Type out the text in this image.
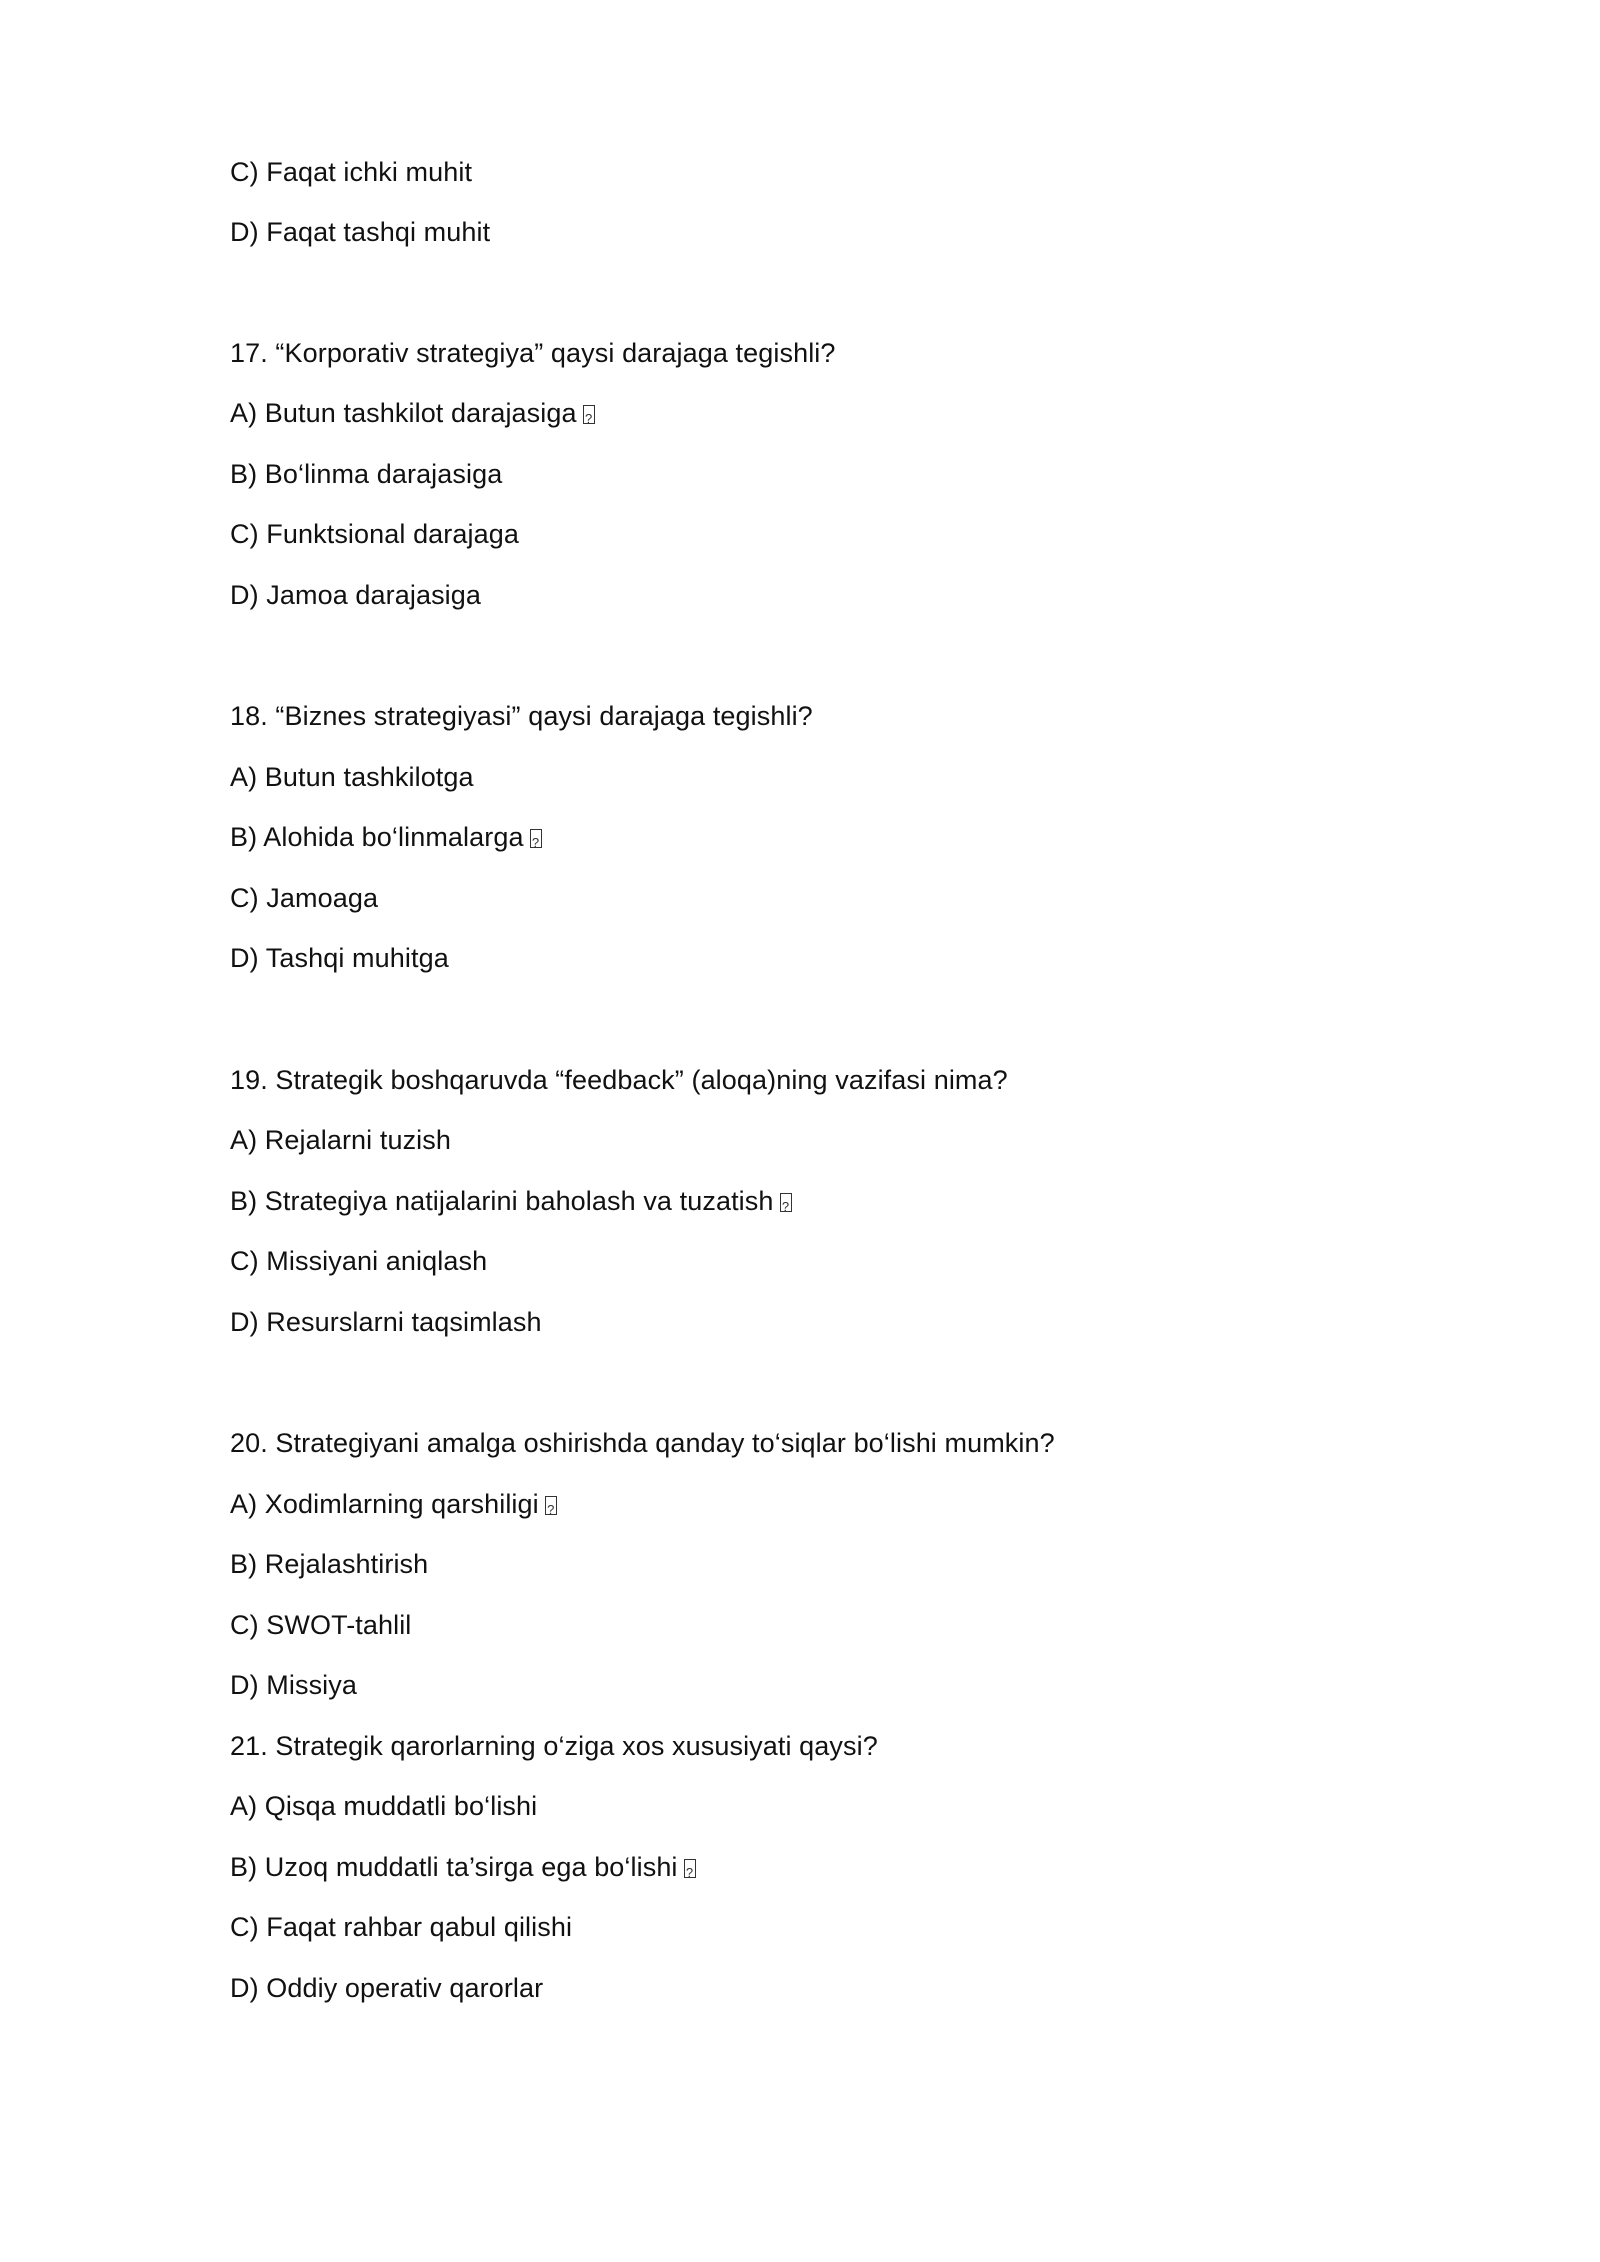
C) Faqat ichki muhit
D) Faqat tashqi muhit
17. “Korporativ strategiya” qaysi darajaga tegishli?
A) Butun tashkilot darajasiga?
B) Bo‘linma darajasiga
C) Funktsional darajaga
D) Jamoa darajasiga
18. “Biznes strategiyasi” qaysi darajaga tegishli?
A) Butun tashkilotga
B) Alohida bo‘linmalarga?
C) Jamoaga
D) Tashqi muhitga
19. Strategik boshqaruvda “feedback” (aloqa)ning vazifasi nima?
A) Rejalarni tuzish
B) Strategiya natijalarini baholash va tuzatish?
C) Missiyani aniqlash
D) Resurslarni taqsimlash
20. Strategiyani amalga oshirishda qanday to‘siqlar bo‘lishi mumkin?
A) Xodimlarning qarshiligi?
B) Rejalashtirish
C) SWOT-tahlil
D) Missiya
21. Strategik qarorlarning o‘ziga xos xususiyati qaysi?
A) Qisqa muddatli bo‘lishi
B) Uzoq muddatli ta’sirga ega bo‘lishi?
C) Faqat rahbar qabul qilishi
D) Oddiy operativ qarorlar
